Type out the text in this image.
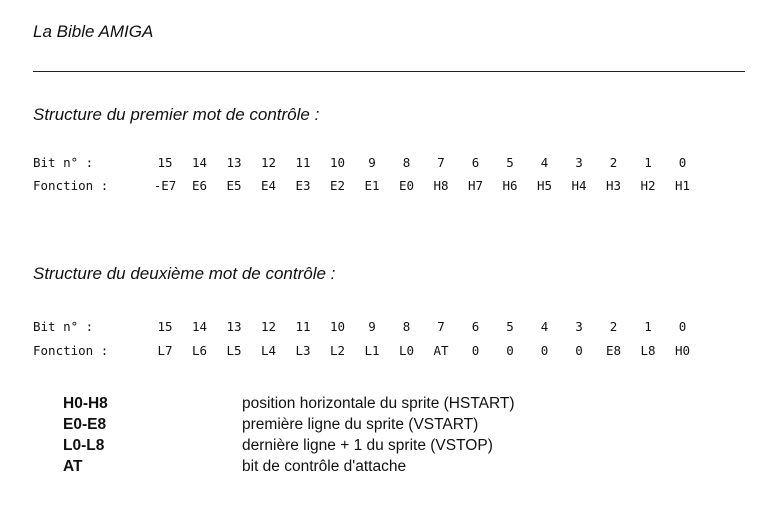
La Bible AMIGA
Structure du premier mot de contrôle :
Bit n° :	15	14	13	12	11	10	9	8	7	6	5	4	3	2	1	0
Fonction :	-E7	E6	E5	E4	E3	E2	E1	E0	H8	H7	H6	H5	H4	H3	H2	H1
Structure du deuxième mot de contrôle :
Bit n° :	15	14	13	12	11	10	9	8	7	6	5	4	3	2	1	0
Fonction :	L7	L6	L5	L4	L3	L2	L1	L0	AT	0	0	0	0	E8	L8	H0
H0-H8	position horizontale du sprite (HSTART)
E0-E8	première ligne du sprite (VSTART)
L0-L8	dernière ligne + 1 du sprite (VSTOP)
AT	bit de contrôle d'attache
